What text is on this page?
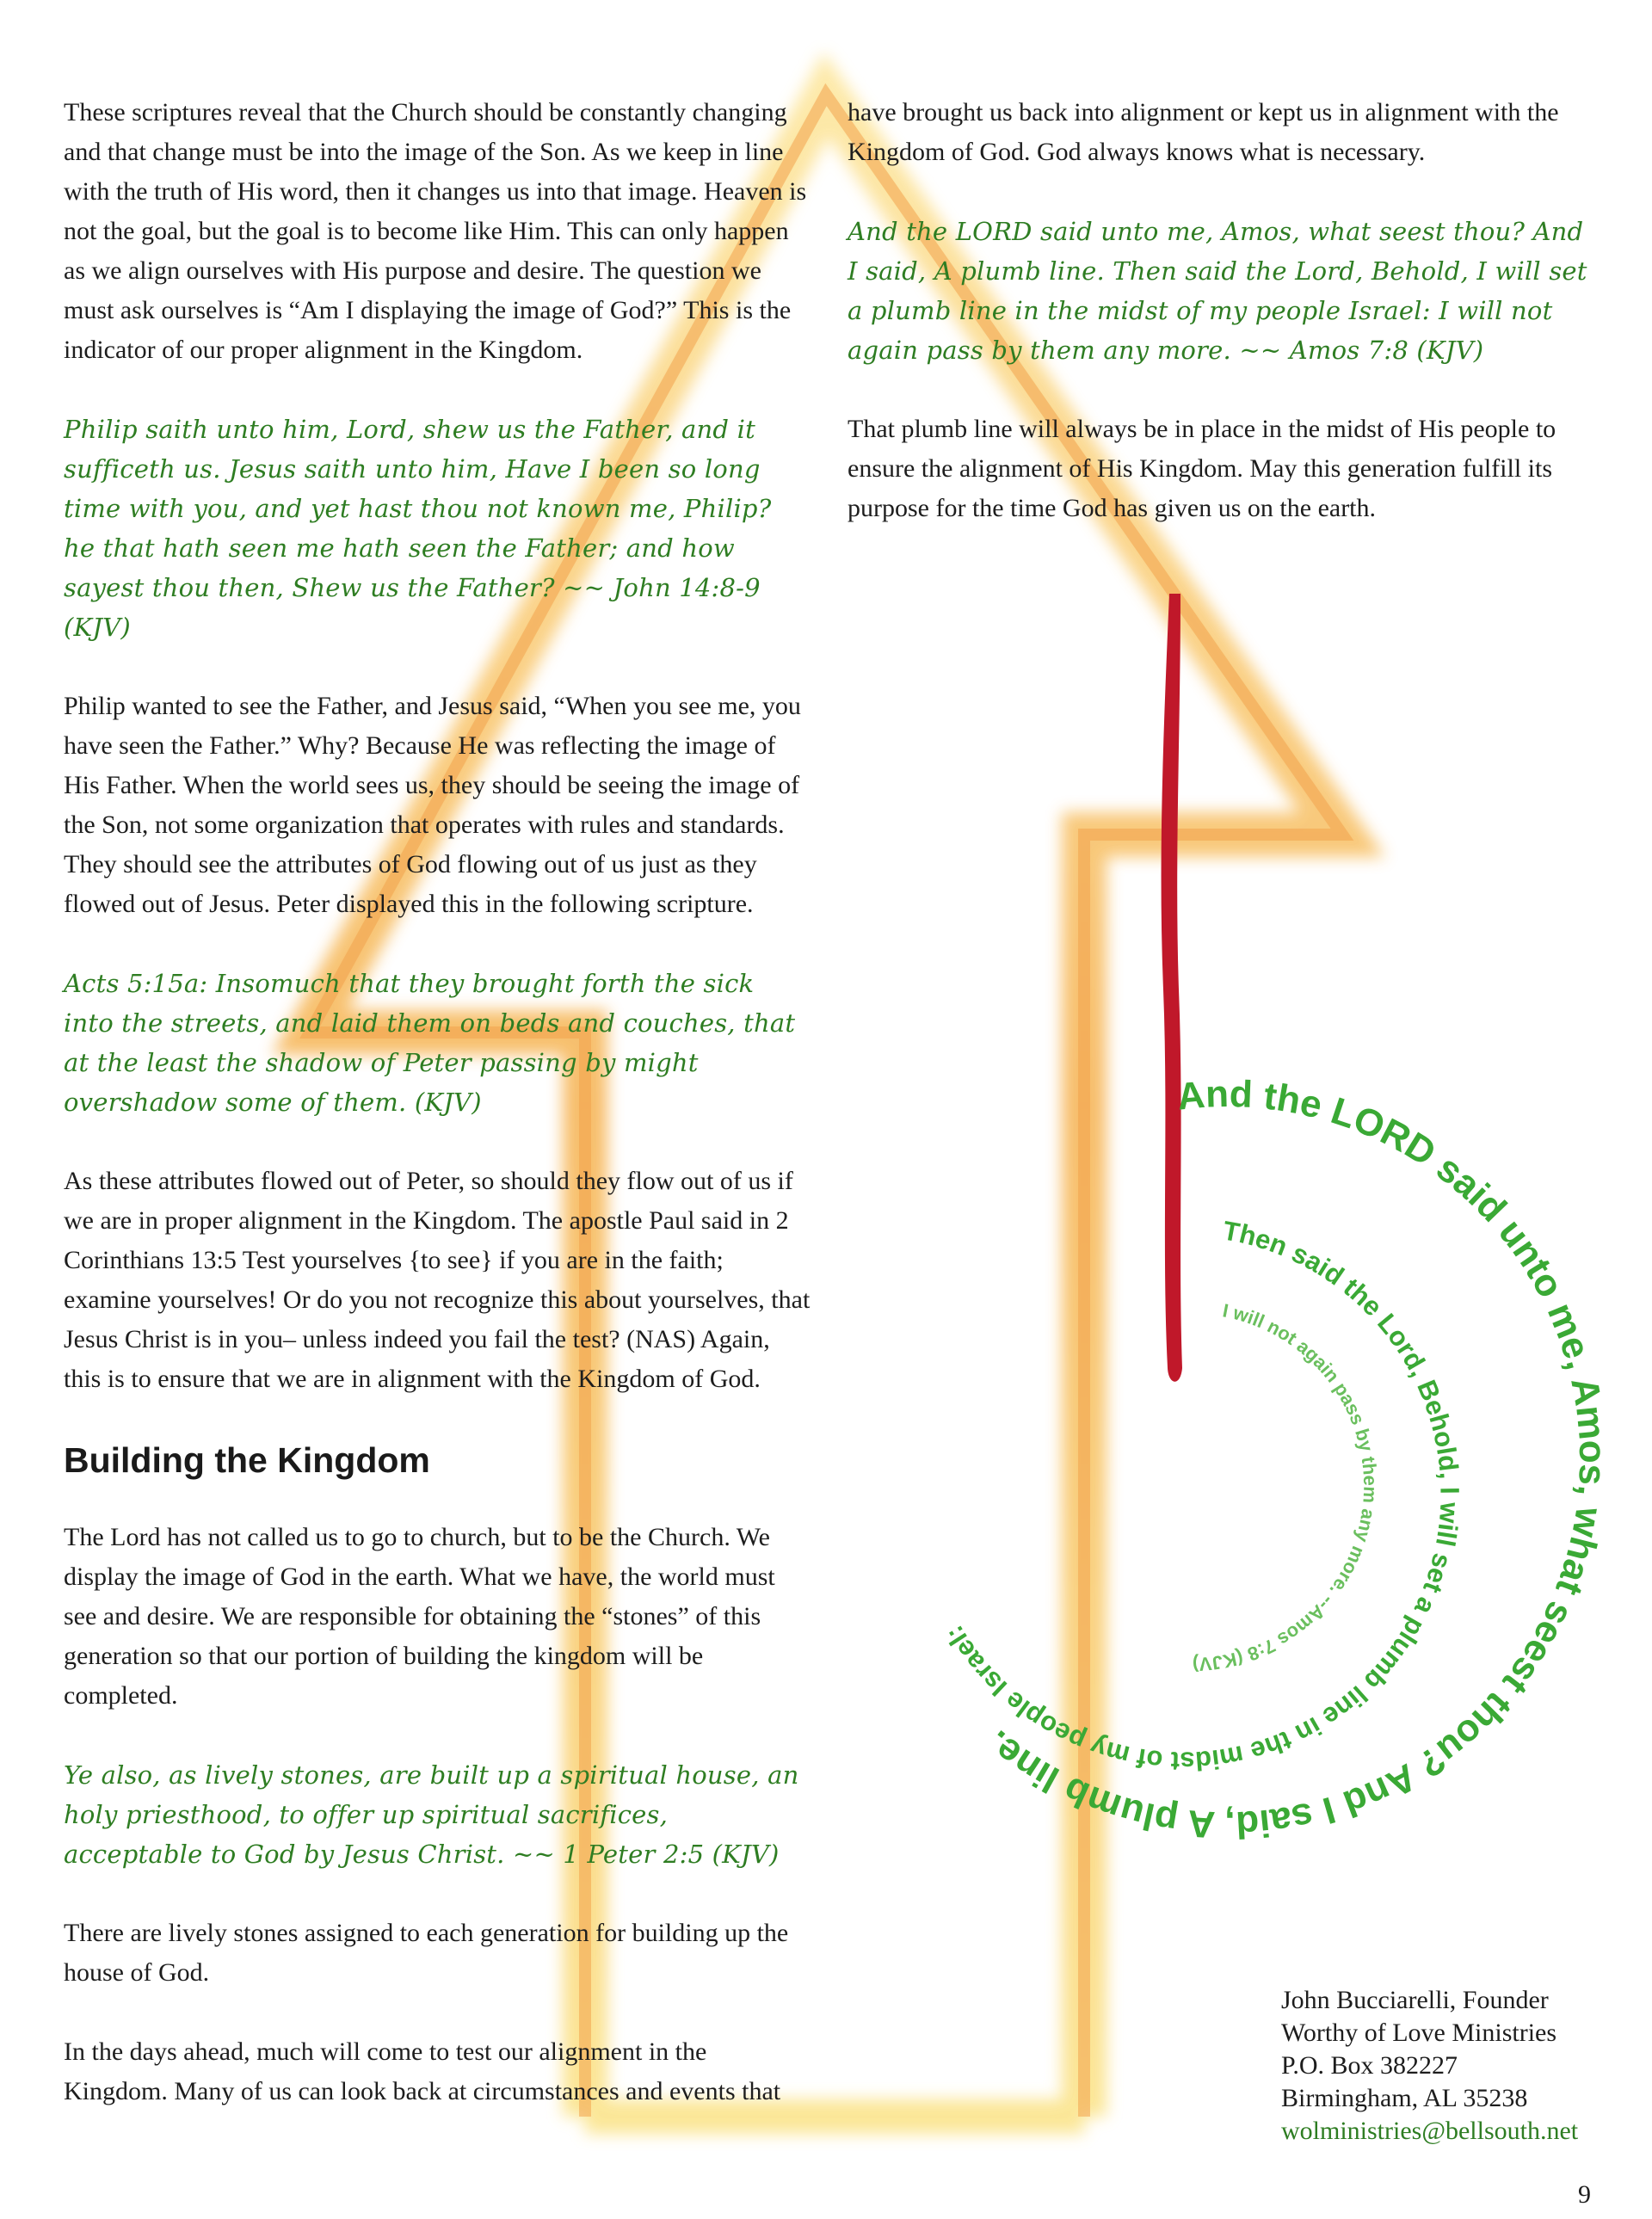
And the LORD said unto me, Amos, what seest thou? And I said, A plumb line.
Then said the Lord, Behold, I will set a plumb line in the midst of my people Israel:
I will not again pass by them any more. --Amos 7:8 (KJV)

These scriptures reveal that the Church should be constantly changing and that change must be into the image of the Son. As we keep in line with the truth of His word, then it changes us into that image. Heaven is not the goal, but the goal is to become like Him. This can only happen as we align ourselves with His purpose and desire. The question we must ask ourselves is “Am I displaying the image of God?” This is the indicator of our proper alignment in the Kingdom.

Philip saith unto him, Lord, shew us the Father, and it sufficeth us. Jesus saith unto him, Have I been so long time with you, and yet hast thou not known me, Philip? he that hath seen me hath seen the Father; and how sayest thou then, Shew us the Father? ~~ John 14:8-9 (KJV)

Philip wanted to see the Father, and Jesus said, “When you see me, you have seen the Father.” Why? Because He was reflecting the image of His Father. When the world sees us, they should be seeing the image of the Son, not some organization that operates with rules and standards. They should see the attributes of God flowing out of us just as they flowed out of Jesus. Peter displayed this in the following scripture.

Acts 5:15a: Insomuch that they brought forth the sick into the streets, and laid them on beds and couches, that at the least the shadow of Peter passing by might overshadow some of them. (KJV)

As these attributes flowed out of Peter, so should they flow out of us if we are in proper alignment in the Kingdom. The apostle Paul said in 2 Corinthians 13:5 Test yourselves {to see} if you are in the faith; examine yourselves! Or do you not recognize this about yourselves, that Jesus Christ is in you– unless indeed you fail the test? (NAS) Again, this is to ensure that we are in alignment with the Kingdom of God.

Building the Kingdom

The Lord has not called us to go to church, but to be the Church. We display the image of God in the earth. What we have, the world must see and desire. We are responsible for obtaining the “stones” of this generation so that our portion of building the kingdom will be completed.

Ye also, as lively stones, are built up a spiritual house, an holy priesthood, to offer up spiritual sacrifices, acceptable to God by Jesus Christ. ~~ 1 Peter 2:5 (KJV)

There are lively stones assigned to each generation for building up the house of God.

In the days ahead, much will come to test our alignment in the Kingdom. Many of us can look back at circumstances and events that

have brought us back into alignment or kept us in alignment with the Kingdom of God. God always knows what is necessary.

And the LORD said unto me, Amos, what seest thou? And I said, A plumb line. Then said the Lord, Behold, I will set a plumb line in the midst of my people Israel: I will not again pass by them any more. ~~ Amos 7:8 (KJV)

That plumb line will always be in place in the midst of His people to ensure the alignment of His Kingdom. May this generation fulfill its purpose for the time God has given us on the earth.

John Bucciarelli, Founder
Worthy of Love Ministries
P.O. Box 382227
Birmingham, AL 35238
wolministries@bellsouth.net
9
